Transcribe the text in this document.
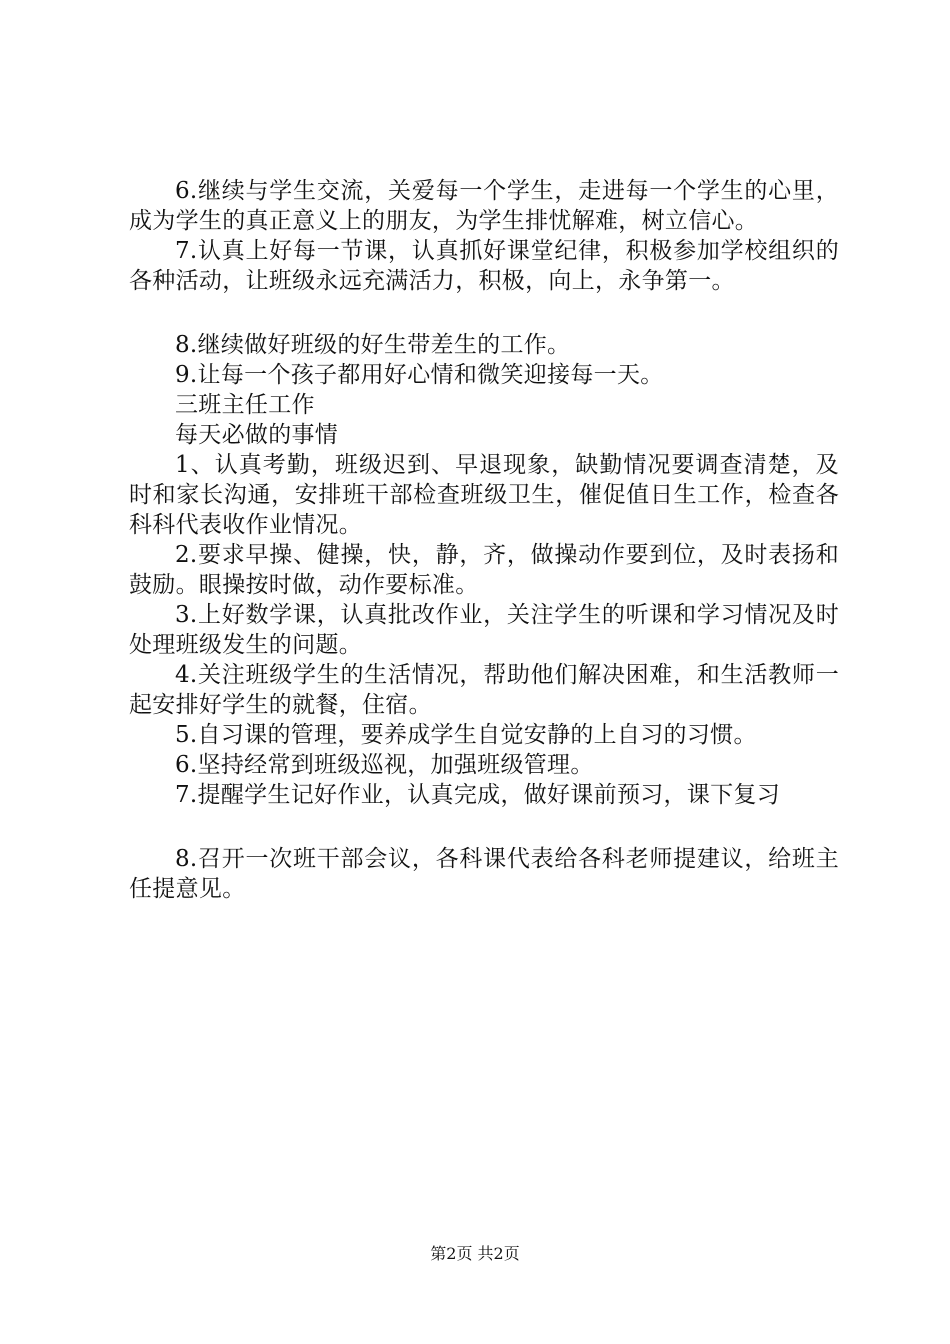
6.继续与学生交流，关爱每一个学生，走进每一个学生的心里，成为学生的真正意义上的朋友，为学生排忧解难，树立信心。

7.认真上好每一节课，认真抓好课堂纪律，积极参加学校组织的各种活动，让班级永远充满活力，积极，向上，永争第一。

8.继续做好班级的好生带差生的工作。

9.让每一个孩子都用好心情和微笑迎接每一天。

三班主任工作

每天必做的事情

1、认真考勤，班级迟到、早退现象，缺勤情况要调查清楚，及时和家长沟通，安排班干部检查班级卫生，催促值日生工作，检查各科科代表收作业情况。

2.要求早操、健操，快，静，齐，做操动作要到位，及时表扬和鼓励。眼操按时做，动作要标准。

3.上好数学课，认真批改作业，关注学生的听课和学习情况及时处理班级发生的问题。

4.关注班级学生的生活情况，帮助他们解决困难，和生活教师一起安排好学生的就餐，住宿。

5.自习课的管理，要养成学生自觉安静的上自习的习惯。

6.坚持经常到班级巡视，加强班级管理。

7.提醒学生记好作业，认真完成，做好课前预习，课下复习

8.召开一次班干部会议，各科课代表给各科老师提建议，给班主任提意见。

第2页 共2页
